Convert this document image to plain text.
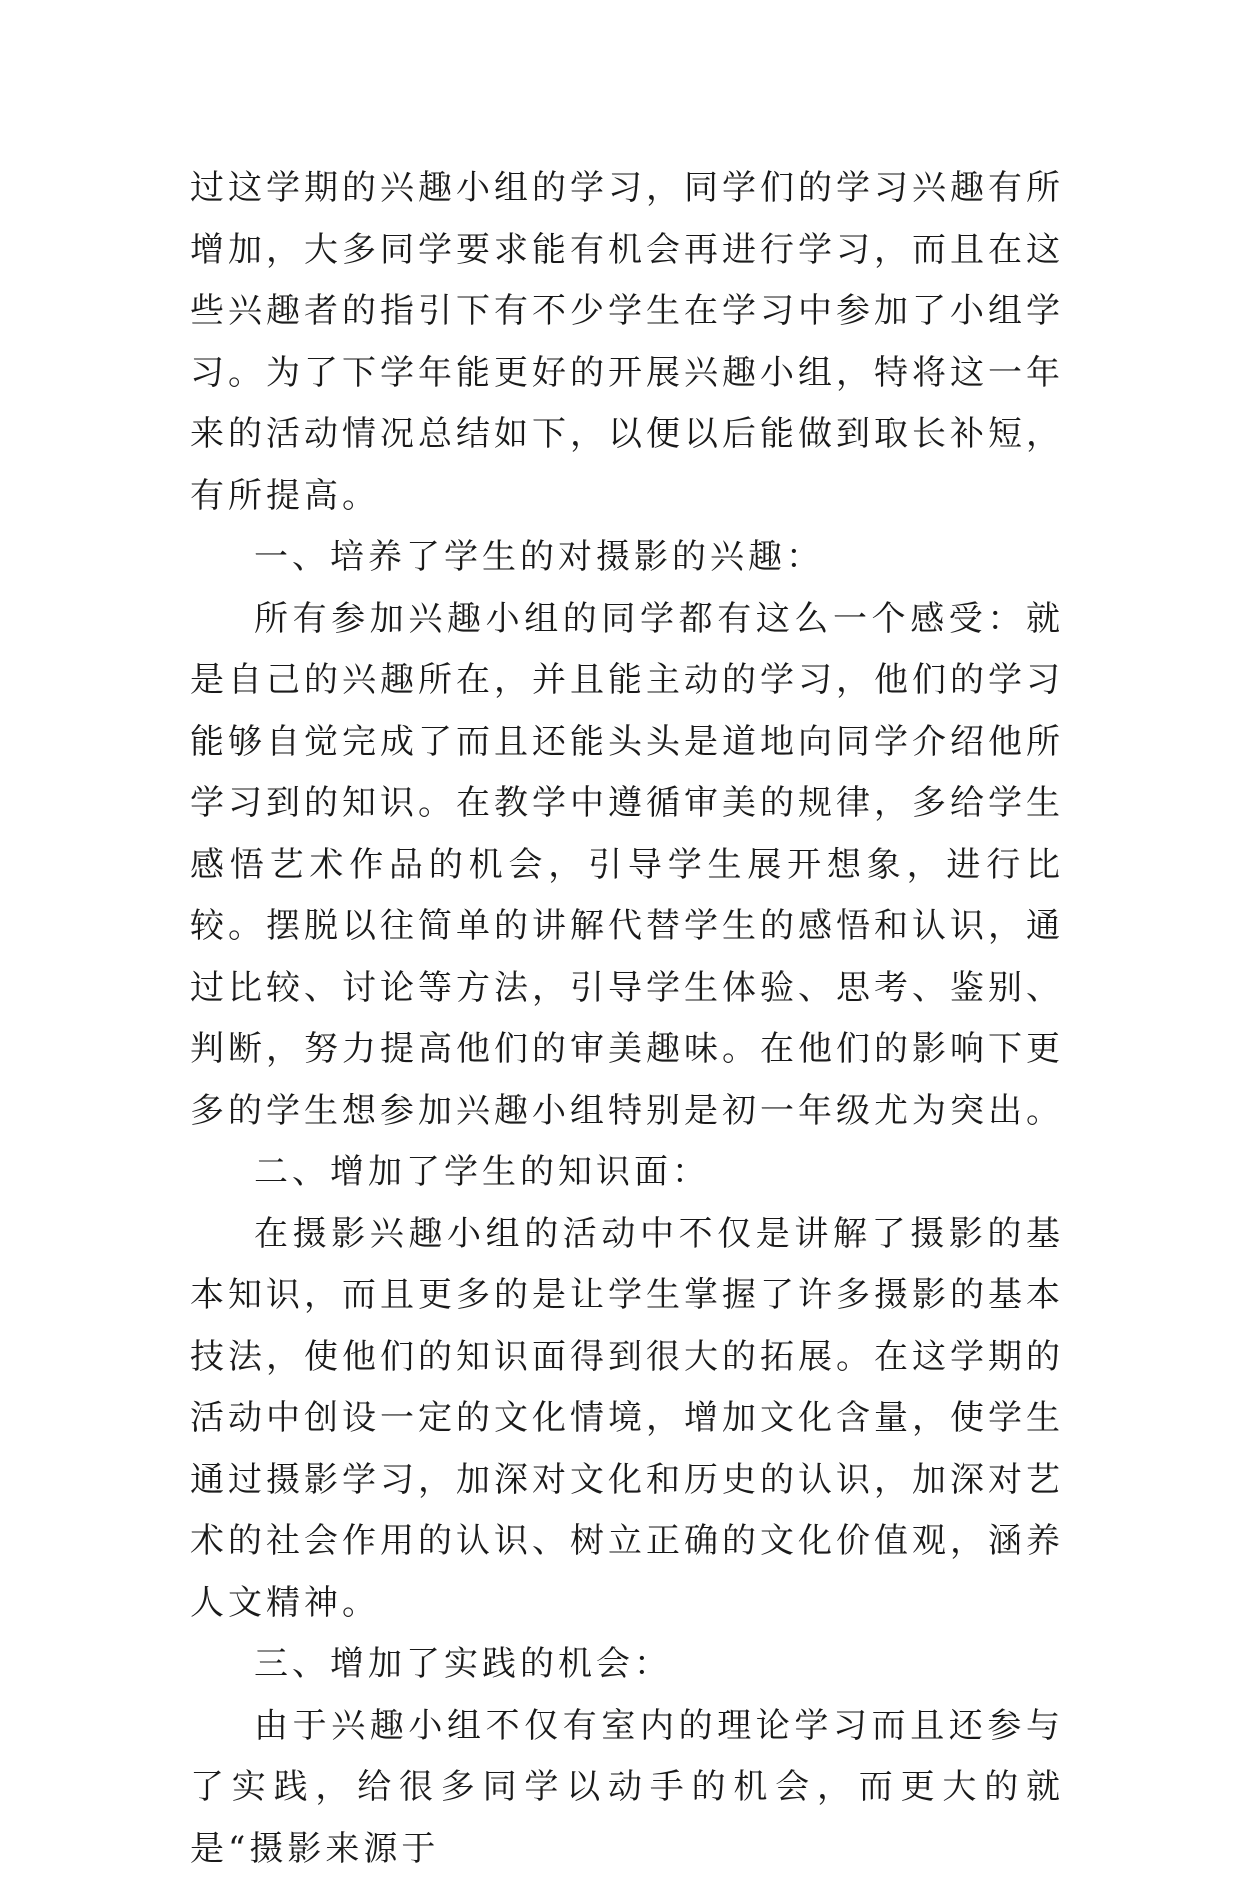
过这学期的兴趣小组的学习，同学们的学习兴趣有所增加，大多同学要求能有机会再进行学习，而且在这些兴趣者的指引下有不少学生在学习中参加了小组学习。为了下学年能更好的开展兴趣小组，特将这一年来的活动情况总结如下，以便以后能做到取长补短，有所提高。

一、培养了学生的对摄影的兴趣：

所有参加兴趣小组的同学都有这么一个感受：就是自己的兴趣所在，并且能主动的学习，他们的学习能够自觉完成了而且还能头头是道地向同学介绍他所学习到的知识。在教学中遵循审美的规律，多给学生感悟艺术作品的机会，引导学生展开想象，进行比较。摆脱以往简单的讲解代替学生的感悟和认识，通过比较、讨论等方法，引导学生体验、思考、鉴别、判断，努力提高他们的审美趣味。在他们的影响下更多的学生想参加兴趣小组特别是初一年级尤为突出。

二、增加了学生的知识面：

在摄影兴趣小组的活动中不仅是讲解了摄影的基本知识，而且更多的是让学生掌握了许多摄影的基本技法，使他们的知识面得到很大的拓展。在这学期的活动中创设一定的文化情境，增加文化含量，使学生通过摄影学习，加深对文化和历史的认识，加深对艺术的社会作用的认识、树立正确的文化价值观，涵养人文精神。

三、增加了实践的机会：

由于兴趣小组不仅有室内的理论学习而且还参与了实践，给很多同学以动手的机会，而更大的就是“摄影来源于
